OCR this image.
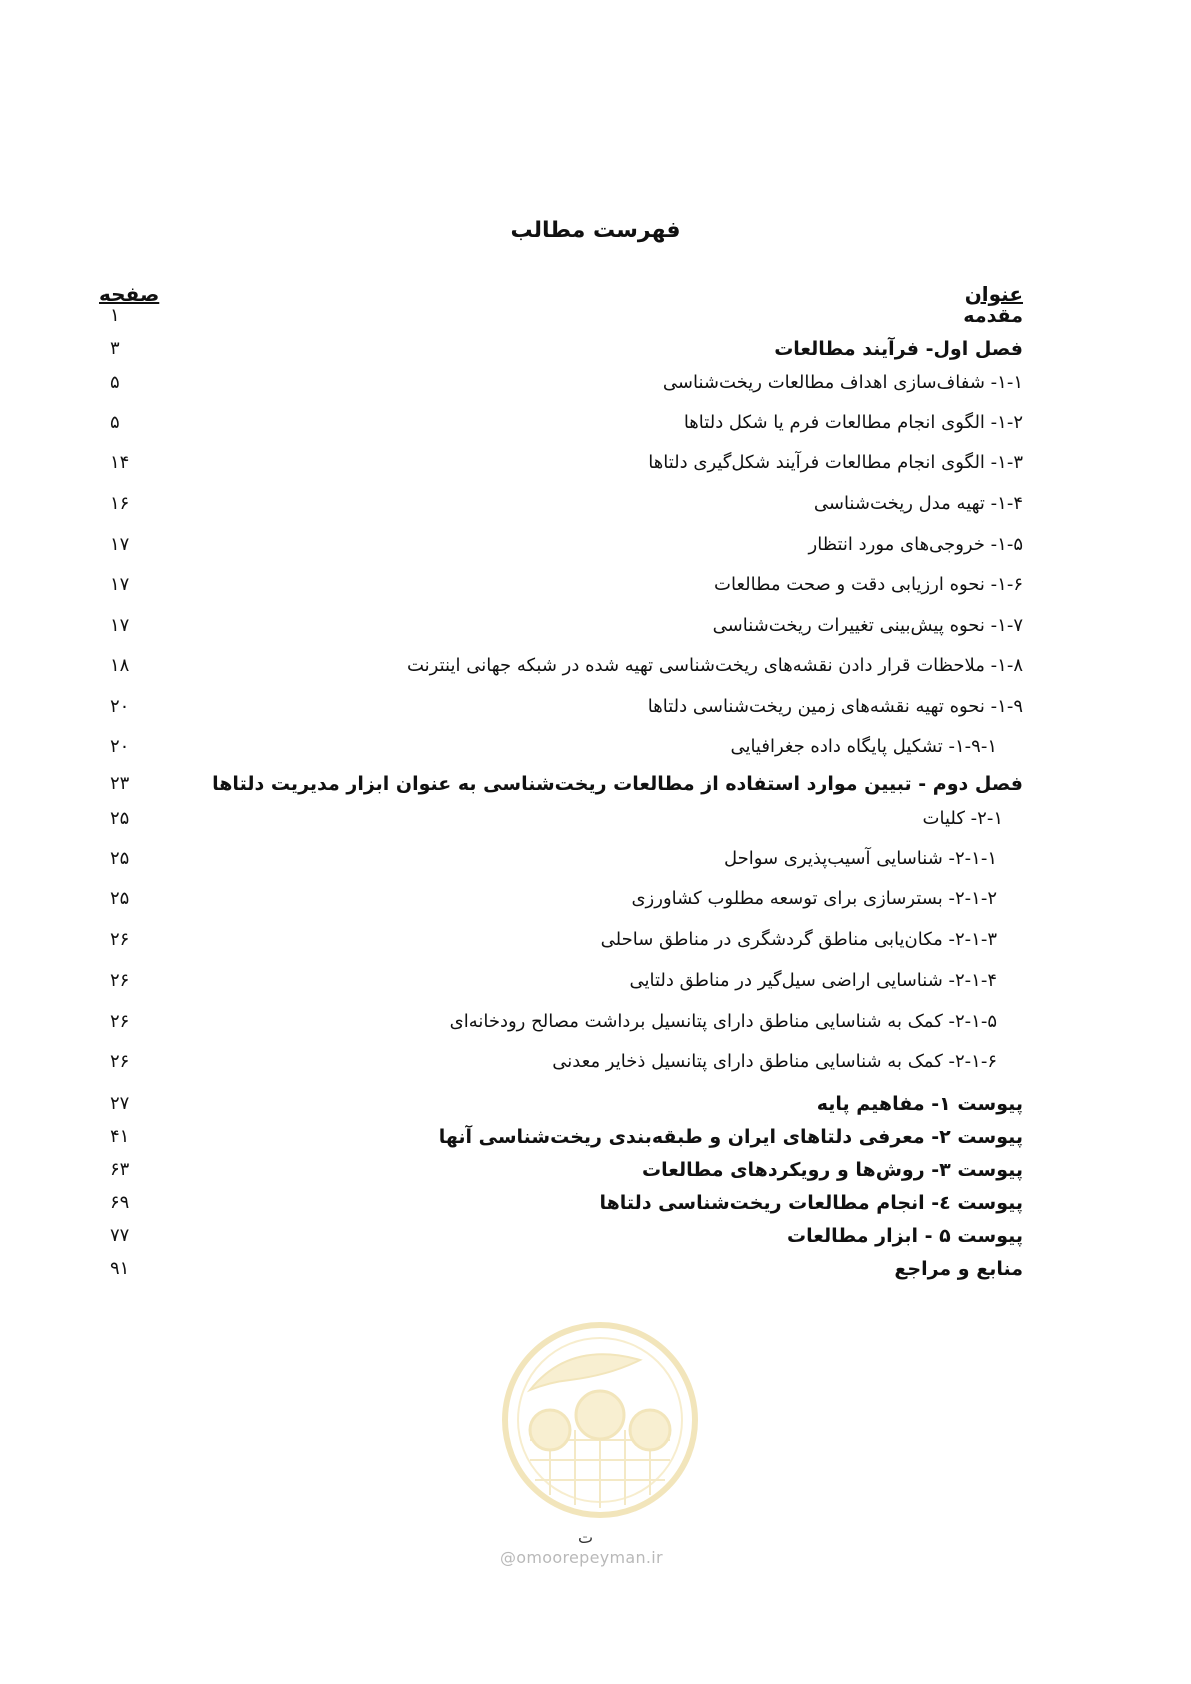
فهرست مطالب
عنوان
صفحه
مقدمه
۱
فصل اول- فرآیند مطالعات
۳
۱-۱- شفاف‌سازی اهداف مطالعات ریخت‌شناسی
۵
۱-۲- الگوی انجام مطالعات فرم یا شکل دلتاها
۵
۱-۳- الگوی انجام مطالعات فرآیند شکل‌گیری دلتاها
۱۴
۱-۴- تهیه مدل ریخت‌شناسی
۱۶
۱-۵- خروجی‌های مورد انتظار
۱۷
۱-۶- نحوه ارزیابی دقت و صحت مطالعات
۱۷
۱-۷- نحوه پیش‌بینی تغییرات ریخت‌شناسی
۱۷
۱-۸- ملاحظات قرار دادن نقشه‌های ریخت‌شناسی تهیه شده در شبکه جهانی اینترنت
۱۸
۱-۹- نحوه تهیه نقشه‌های زمین ریخت‌شناسی دلتاها
۲۰
۱-۹-۱- تشکیل پایگاه داده جغرافیایی
۲۰
فصل دوم - تبیین موارد استفاده از مطالعات ریخت‌شناسی به عنوان ابزار مدیریت دلتاها
۲۳
۲-۱- کلیات
۲۵
۲-۱-۱- شناسایی آسیب‌پذیری سواحل
۲۵
۲-۱-۲- بسترسازی برای توسعه مطلوب کشاورزی
۲۵
۲-۱-۳- مکان‌یابی مناطق گردشگری در مناطق ساحلی
۲۶
۲-۱-۴- شناسایی اراضی سیل‌گیر در مناطق دلتایی
۲۶
۲-۱-۵- کمک به شناسایی مناطق دارای پتانسیل برداشت مصالح رودخانه‌ای
۲۶
۲-۱-۶- کمک به شناسایی مناطق دارای پتانسیل ذخایر معدنی
۲۶
پیوست ۱- مفاهیم پایه
۲۷
پیوست ۲- معرفی دلتاهای ایران و طبقه‌بندی ریخت‌شناسی آنها
۴۱
پیوست ۳- روش‌ها و رویکردهای مطالعات
۶۳
پیوست ٤- انجام مطالعات ریخت‌شناسی دلتاها
۶۹
پیوست ۵ - ابزار مطالعات
۷۷
منابع و مراجع
۹۱
ت
@omoorepeyman.ir
